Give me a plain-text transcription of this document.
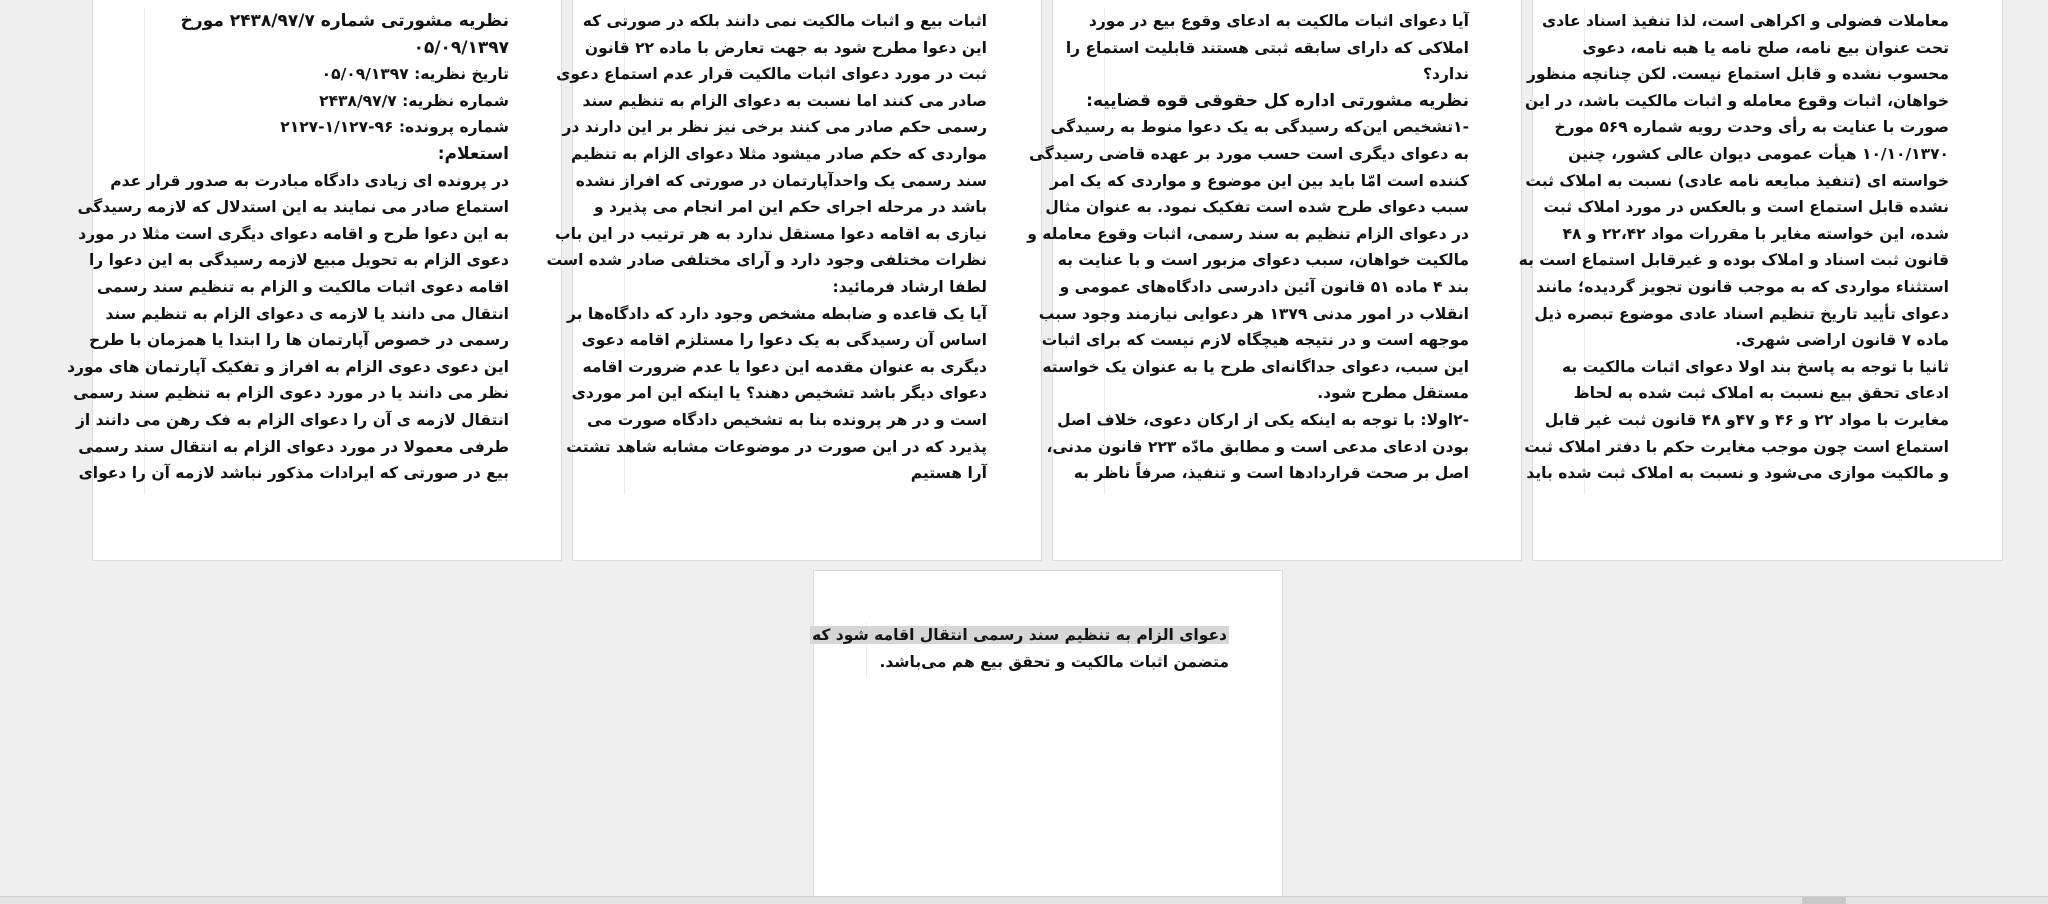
نظریه مشورتی شماره ۲۴۳۸/۹۷/۷ مورخ
۰۵/۰۹/۱۳۹۷
تاریخ نظریه: ۰۵/۰۹/۱۳۹۷
شماره نظریه: ۲۴۳۸/۹۷/۷
شماره پرونده: ۹۶-۱/۱۲۷-۲۱۲۷
استعلام:
در پرونده ای زیادی دادگاه مبادرت به صدور قرار عدم
استماع صادر می نمایند به این استدلال که لازمه رسیدگی
به این دعوا طرح و اقامه دعوای دیگری است مثلا در مورد
دعوی الزام به تحویل مبیع لازمه رسیدگی به این دعوا را
اقامه دعوی اثبات مالکیت و الزام به تنظیم سند رسمی
انتقال می دانند یا لازمه ی دعوای الزام به تنظیم سند
رسمی در خصوص آپارتمان ها را ابتدا یا همزمان با طرح
این دعوی دعوی الزام به افراز و تفکیک آپارتمان های مورد
نظر می دانند یا در مورد دعوی الزام به تنظیم سند رسمی
انتقال لازمه ی آن را دعوای الزام به فک رهن می دانند از
طرفی معمولا در مورد دعوای الزام به انتقال سند رسمی
بیع در صورتی که ایرادات مذکور نباشد لازمه آن را دعوای
اثبات بیع و اثبات مالکیت نمی دانند بلکه در صورتی که
این دعوا مطرح شود به جهت تعارض با ماده ۲۲ قانون
ثبت در مورد دعوای اثبات مالکیت قرار عدم استماع دعوی
صادر می کنند اما نسبت به دعوای الزام به تنظیم سند
رسمی حکم صادر می کنند برخی نیز نظر بر این دارند در
مواردی که حکم صادر میشود مثلا دعوای الزام به تنظیم
سند رسمی یک واحدآپارتمان در صورتی که افراز نشده
باشد در مرحله اجرای حکم این امر انجام می پذیرد و
نیازی به اقامه دعوا مستقل ندارد به هر ترتیب در این باب
نظرات مختلفی وجود دارد و آرای مختلفی صادر شده است
لطفا ارشاد فرمائید:
آیا یک قاعده و ضابطه مشخص وجود دارد که دادگاه‌ها بر
اساس آن رسیدگی به یک دعوا را مستلزم اقامه دعوی
دیگری به عنوان مقدمه این دعوا یا عدم ضرورت اقامه
دعوای دیگر باشد تشخیص دهند؟ یا اینکه این امر موردی
است و در هر پرونده بنا به تشخیص دادگاه صورت می
پذیرد که در این صورت در موضوعات مشابه شاهد تشتت
آرا هستیم
آیا دعوای اثبات مالکیت به ادعای وقوع بیع در مورد
املاکی که دارای سابقه ثبتی هستند قابلیت استماع را
ندارد؟
نظریه مشورتی اداره کل حقوقی قوه قضاییه:
-۱تشخیص این‌که رسیدگی به یک دعوا منوط به رسیدگی
به دعوای دیگری است حسب مورد بر عهده قاضی رسیدگی
کننده است امّا باید بین این موضوع و مواردی که یک امر
سبب دعوای طرح شده است تفکیک نمود. به عنوان مثال
در دعوای الزام تنظیم به سند رسمی، اثبات وقوع معامله و
مالکیت خواهان، سبب دعوای مزبور است و با عنایت به
بند ۴ ماده ۵۱ قانون آئین دادرسی دادگاه‌های عمومی و
انقلاب در امور مدنی ۱۳۷۹ هر دعوایی نیازمند وجود سبب
موجهه است و در نتیجه هیچگاه لازم نیست که برای اثبات
این سبب، دعوای جداگانه‌ای طرح یا به عنوان یک خواسته
مستقل مطرح شود.
-۲اولا: با توجه به اینکه یکی از ارکان دعوی، خلاف اصل
بودن ادعای مدعی است و مطابق مادّه ۲۲۳ قانون مدنی،
اصل بر صحت قراردادها است و تنفیذ، صرفاً ناظر به
معاملات فضولی و اکراهی است، لذا تنفیذ اسناد عادی
تحت عنوان بیع نامه، صلح نامه یا هبه نامه، دعوی
محسوب نشده و قابل استماع نیست. لکن چنانچه منظور
خواهان، اثبات وقوع معامله و اثبات مالکیت باشد، در این
صورت با عنایت به رأی وحدت رویه شماره ۵۶۹ مورخ
۱۰/۱۰/۱۳۷۰ هیأت عمومی دیوان عالی کشور، چنین
خواسته ای (تنفیذ مبایعه نامه عادی) نسبت به املاک ثبت
نشده قابل استماع است و بالعکس در مورد املاک ثبت
شده، این خواسته مغایر با مقررات مواد ۲۲،۴۲ و ۴۸
قانون ثبت اسناد و املاک بوده و غیرقابل استماع است به
استثناء مواردی که به موجب قانون تجویز گردیده؛ مانند
دعوای تأیید تاریخ تنظیم اسناد عادی موضوع تبصره ذیل
ماده ۷ قانون اراضی شهری.
ثانیا با توجه به پاسخ بند اولا دعوای اثبات مالکیت به
ادعای تحقق بیع نسبت به املاک ثبت شده به لحاظ
مغایرت با مواد ۲۲ و ۴۶ و ۴۷و ۴۸ قانون ثبت غیر قابل
استماع است چون موجب مغایرت حکم با دفتر املاک ثبت
و مالکیت موازی می‌شود و نسبت به املاک ثبت شده باید
دعوای الزام به تنظیم سند رسمی انتقال اقامه شود که
متضمن اثبات مالکیت و تحقق بیع هم می‌باشد.
